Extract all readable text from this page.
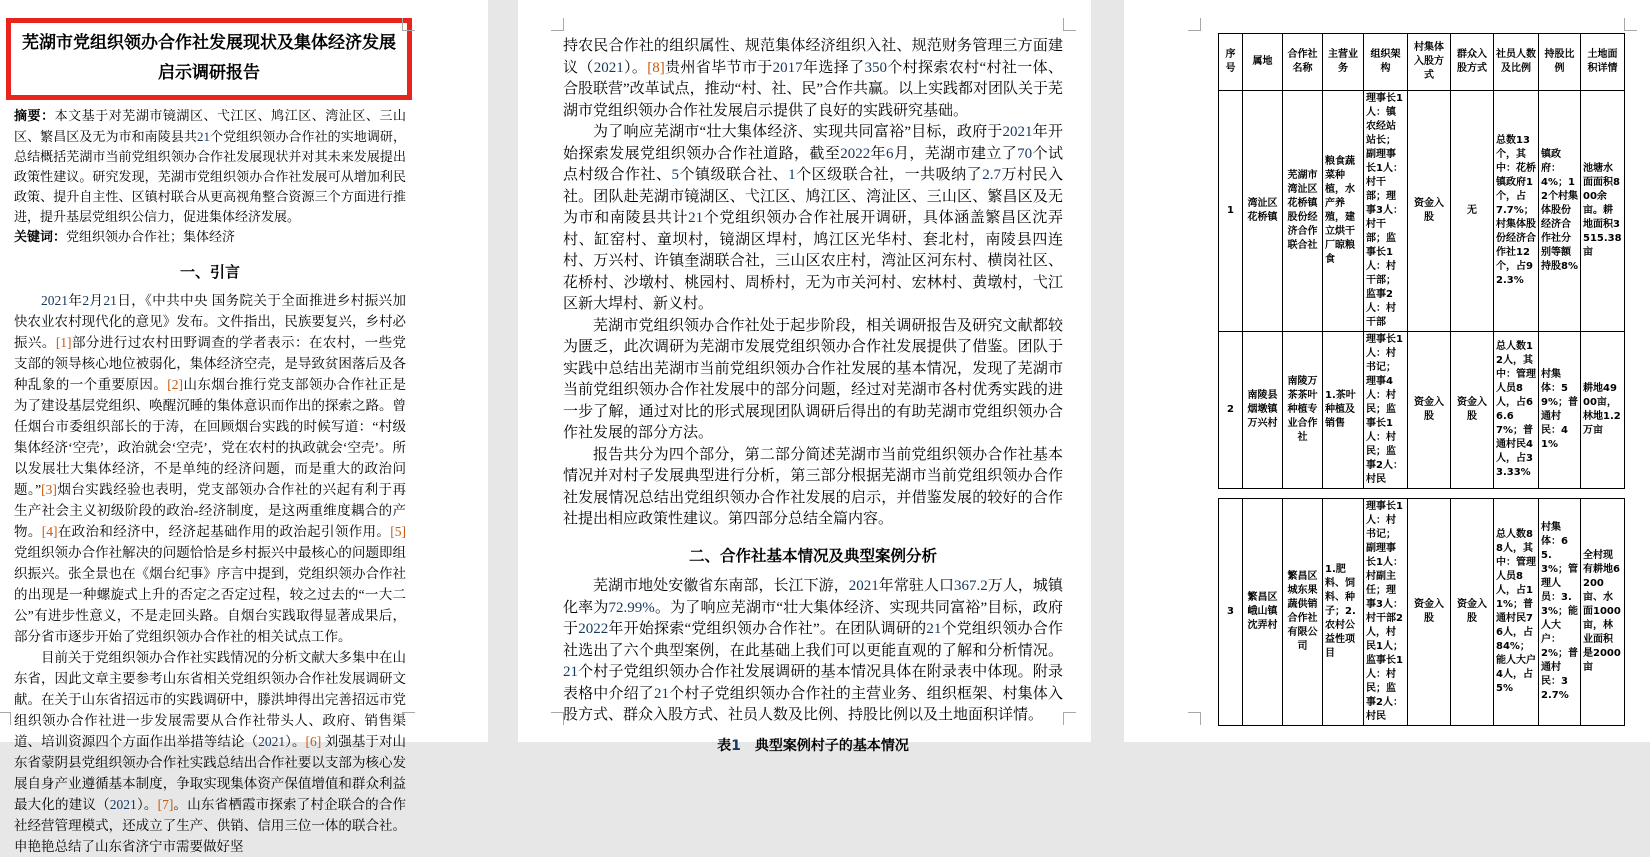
芜湖市党组织领办合作社发展现状及集体经济发展启示调研报告
摘要：本文基于对芜湖市镜湖区、弋江区、鸠江区、湾沚区、三山区、繁昌区及无为市和南陵县共21个党组织领办合作社的实地调研，总结概括芜湖市当前党组织领办合作社发展现状并对其未来发展提出政策性建议。研究发现，芜湖市党组织领办合作社发展可从增加利民政策、提升自主性、区镇村联合从更高视角整合资源三个方面进行推进，提升基层党组织公信力，促进集体经济发展。
关键词：党组织领办合作社；集体经济

一、引言

2021年2月21日，《中共中央 国务院关于全面推进乡村振兴加快农业农村现代化的意见》发布。文件指出，民族要复兴，乡村必振兴。[1]部分进行过农村田野调查的学者表示：在农村，一些党支部的领导核心地位被弱化，集体经济空壳，是导致贫困落后及各种乱象的一个重要原因。[2]山东烟台推行党支部领办合作社正是为了建设基层党组织、唤醒沉睡的集体意识而作出的探索之路。曾任烟台市委组织部长的于涛，在回顾烟台实践的时候写道：“村级集体经济‘空壳’，政治就会‘空壳’，党在农村的执政就会‘空壳’。所以发展壮大集体经济，不是单纯的经济问题，而是重大的政治问题。”[3]烟台实践经验也表明，党支部领办合作社的兴起有利于再生产社会主义初级阶段的政治-经济制度，是这两重维度耦合的产物。[4]在政治和经济中，经济起基础作用的政治起引领作用。[5]党组织领办合作社解决的问题恰恰是乡村振兴中最核心的问题即组织振兴。张全景也在《烟台纪事》序言中提到，党组织领办合作社的出现是一种螺旋式上升的否定之否定过程，较之过去的“一大二公”有进步性意义，不是走回头路。自烟台实践取得显著成果后，部分省市逐步开始了党组织领办合作社的相关试点工作。

目前关于党组织领办合作社实践情况的分析文献大多集中在山东省，因此文章主要参考山东省相关党组织领办合作社发展调研文献。在关于山东省招远市的实践调研中，滕洪坤得出完善招远市党组织领办合作社进一步发展需要从合作社带头人、政府、销售渠道、培训资源四个方面作出举措等结论（2021）。[6] 刘强基于对山东省蒙阴县党组织领办合作社实践总结出合作社要以支部为核心发展自身产业遵循基本制度，争取实现集体资产保值增值和群众利益最大化的建议（2021）。[7]。山东省栖霞市探索了村企联合的合作社经营管理模式，还成立了生产、供销、信用三位一体的联合社。申艳艳总结了山东省济宁市需要做好坚

持农民合作社的组织属性、规范集体经济组织入社、规范财务管理三方面建议（2021）。[8]贵州省毕节市于2017年选择了350个村探索农村“村社一体、合股联营”改革试点，推动“村、社、民”合作共赢。以上实践都对团队关于芜湖市党组织领办合作社发展启示提供了良好的实践研究基础。

为了响应芜湖市“壮大集体经济、实现共同富裕”目标，政府于2021年开始探索发展党组织领办合作社道路，截至2022年6月，芜湖市建立了70个试点村级合作社、5个镇级联合社、1个区级联合社，一共吸纳了2.7万村民入社。团队赴芜湖市镜湖区、弋江区、鸠江区、湾沚区、三山区、繁昌区及无为市和南陵县共计21个党组织领办合作社展开调研，具体涵盖繁昌区沈弄村、缸窑村、童坝村，镜湖区垾村，鸠江区光华村、套北村，南陵县四连村、万兴村、许镇奎湖联合社，三山区农庄村，湾沚区河东村、横岗社区、花桥村、沙墩村、桃园村、周桥村，无为市关河村、宏林村、黄墩村，弋江区新大垾村、新义村。

芜湖市党组织领办合作社处于起步阶段，相关调研报告及研究文献都较为匮乏，此次调研为芜湖市发展党组织领办合作社发展提供了借鉴。团队于实践中总结出芜湖市当前党组织领办合作社发展的基本情况，发现了芜湖市当前党组织领办合作社发展中的部分问题，经过对芜湖市各村优秀实践的进一步了解，通过对比的形式展现团队调研后得出的有助芜湖市党组织领办合作社发展的部分方法。

报告共分为四个部分，第二部分简述芜湖市当前党组织领办合作社基本情况并对村子发展典型进行分析，第三部分根据芜湖市当前党组织领办合作社发展情况总结出党组织领办合作社发展的启示，并借鉴发展的较好的合作社提出相应政策性建议。第四部分总结全篇内容。

二、合作社基本情况及典型案例分析

芜湖市地处安徽省东南部，长江下游，2021年常驻人口367.2万人，城镇化率为72.99%。为了响应芜湖市“壮大集体经济、实现共同富裕”目标，政府于2022年开始探索“党组织领办合作社”。在团队调研的21个党组织领办合作社选出了六个典型案例，在此基础上我们可以更能直观的了解和分析情况。21个村子党组织领办合作社发展调研的基本情况具体在附录表中体现。附录表格中介绍了21个村子党组织领办合作社的主营业务、组织框架、村集体入股方式、群众入股方式、社员人数及比例、持股比例以及土地面积详情。

表1　典型案例村子的基本情况

序号	属地	合作社名称	主营业务	组织架构	村集体入股方式	群众入股方式	社员人数及比例	持股比例	土地面积详情
1	湾沚区花桥镇	芜湖市湾沚区花桥镇股份经济合作联合社	粮食蔬菜种植，水产养殖，建立烘干厂晾粮食	理事长1人：镇农经站站长；副理事长1人：村干部；理事3人：村干部；监事长1人：村干部；监事2人：村干部	资金入股	无	总数13个，其中：花桥镇政府1个，占7.7%；村集体股份经济合作社12个，占92.3%	镇政府：4%；12个村集体股份经济合作社分别等额持股8%	池塘水面面积800余亩。耕地面积3515.38亩
2	南陵县烟墩镇万兴村	南陵万茶茶叶种植专业合作社	1.茶叶种植及销售	理事长1人：村书记；理事4人：村民；监事长1人：村民；监事2人：村民	资金入股	资金入股	总人数12人，其中：管理人员8人，占66.67%；普通村民4人，占33.33%	村集体：59%；普通村民：41%	耕地4900亩，林地1.2万亩
3	繁昌区峨山镇沈弄村	繁昌区城东果蔬供销合作社有限公司	1.肥料、饲料、种子；2.农村公益性项目	理事长1人：村书记；副理事长1人：村副主任；理事3人：村干部2人，村民1人；监事长1人：村民；监事2人：村民	资金入股	资金入股	总人数88人，其中：管理人员8人，占11%；普通村民76人，占84%；能人大户4人，占5%	村集体：65.3%；管理人员：3.3%；能人大户：2%；普通村民：32.7%	全村现有耕地6200亩、水面1000亩，林业面积是2000亩
